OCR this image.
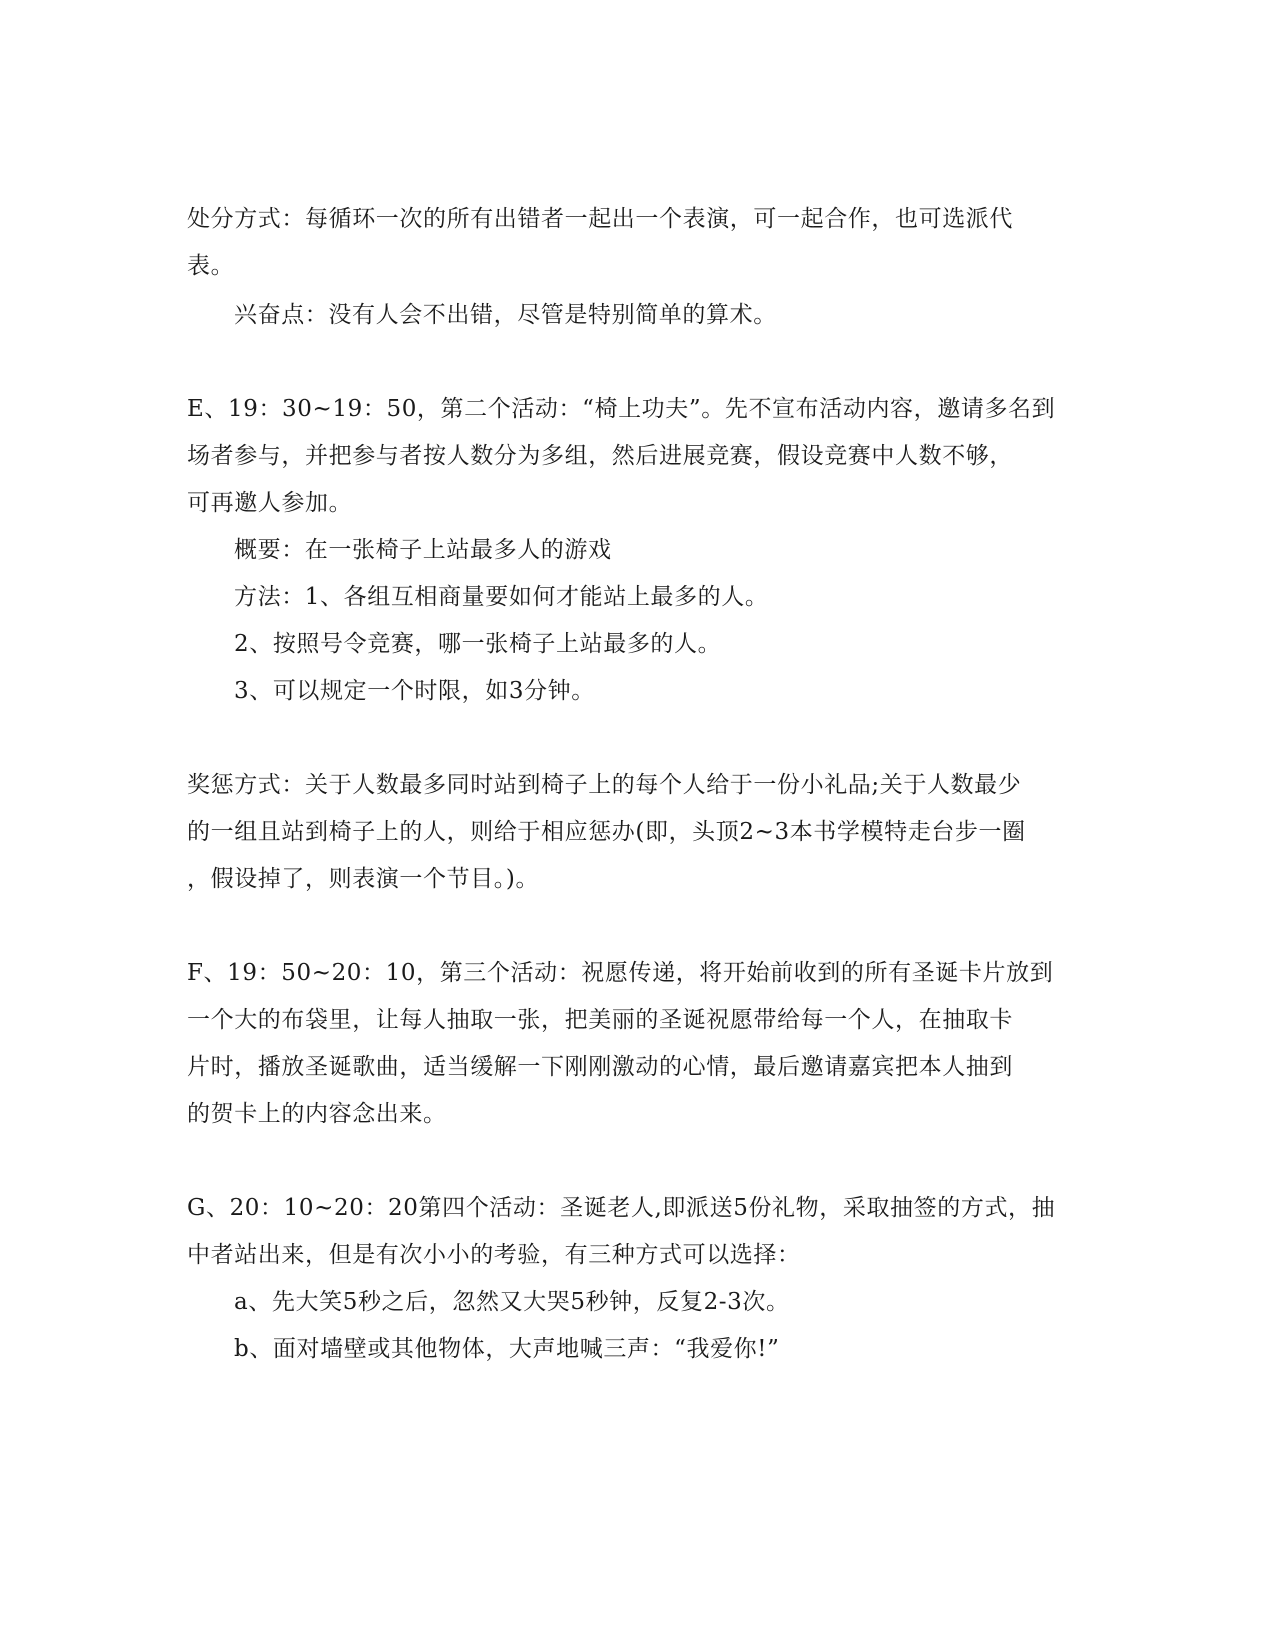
处分方式：每循环一次的所有出错者一起出一个表演，可一起合作，也可选派代
表。
兴奋点：没有人会不出错，尽管是特别简单的算术。
E、19：30~19：50，第二个活动：“椅上功夫”。先不宣布活动内容，邀请多名到
场者参与，并把参与者按人数分为多组，然后进展竞赛，假设竞赛中人数不够，
可再邀人参加。
概要：在一张椅子上站最多人的游戏
方法：1、各组互相商量要如何才能站上最多的人。
2、按照号令竞赛，哪一张椅子上站最多的人。
3、可以规定一个时限，如3分钟。
奖惩方式：关于人数最多同时站到椅子上的每个人给于一份小礼品;关于人数最少
的一组且站到椅子上的人，则给于相应惩办(即，头顶2~3本书学模特走台步一圈
，假设掉了，则表演一个节目。)。
F、19：50~20：10，第三个活动：祝愿传递，将开始前收到的所有圣诞卡片放到
一个大的布袋里，让每人抽取一张，把美丽的圣诞祝愿带给每一个人，在抽取卡
片时，播放圣诞歌曲，适当缓解一下刚刚激动的心情，最后邀请嘉宾把本人抽到
的贺卡上的内容念出来。
G、20：10~20：20第四个活动：圣诞老人,即派送5份礼物，采取抽签的方式，抽
中者站出来，但是有次小小的考验，有三种方式可以选择：
a、先大笑5秒之后，忽然又大哭5秒钟，反复2-3次。
b、面对墙壁或其他物体，大声地喊三声：“我爱你!”
